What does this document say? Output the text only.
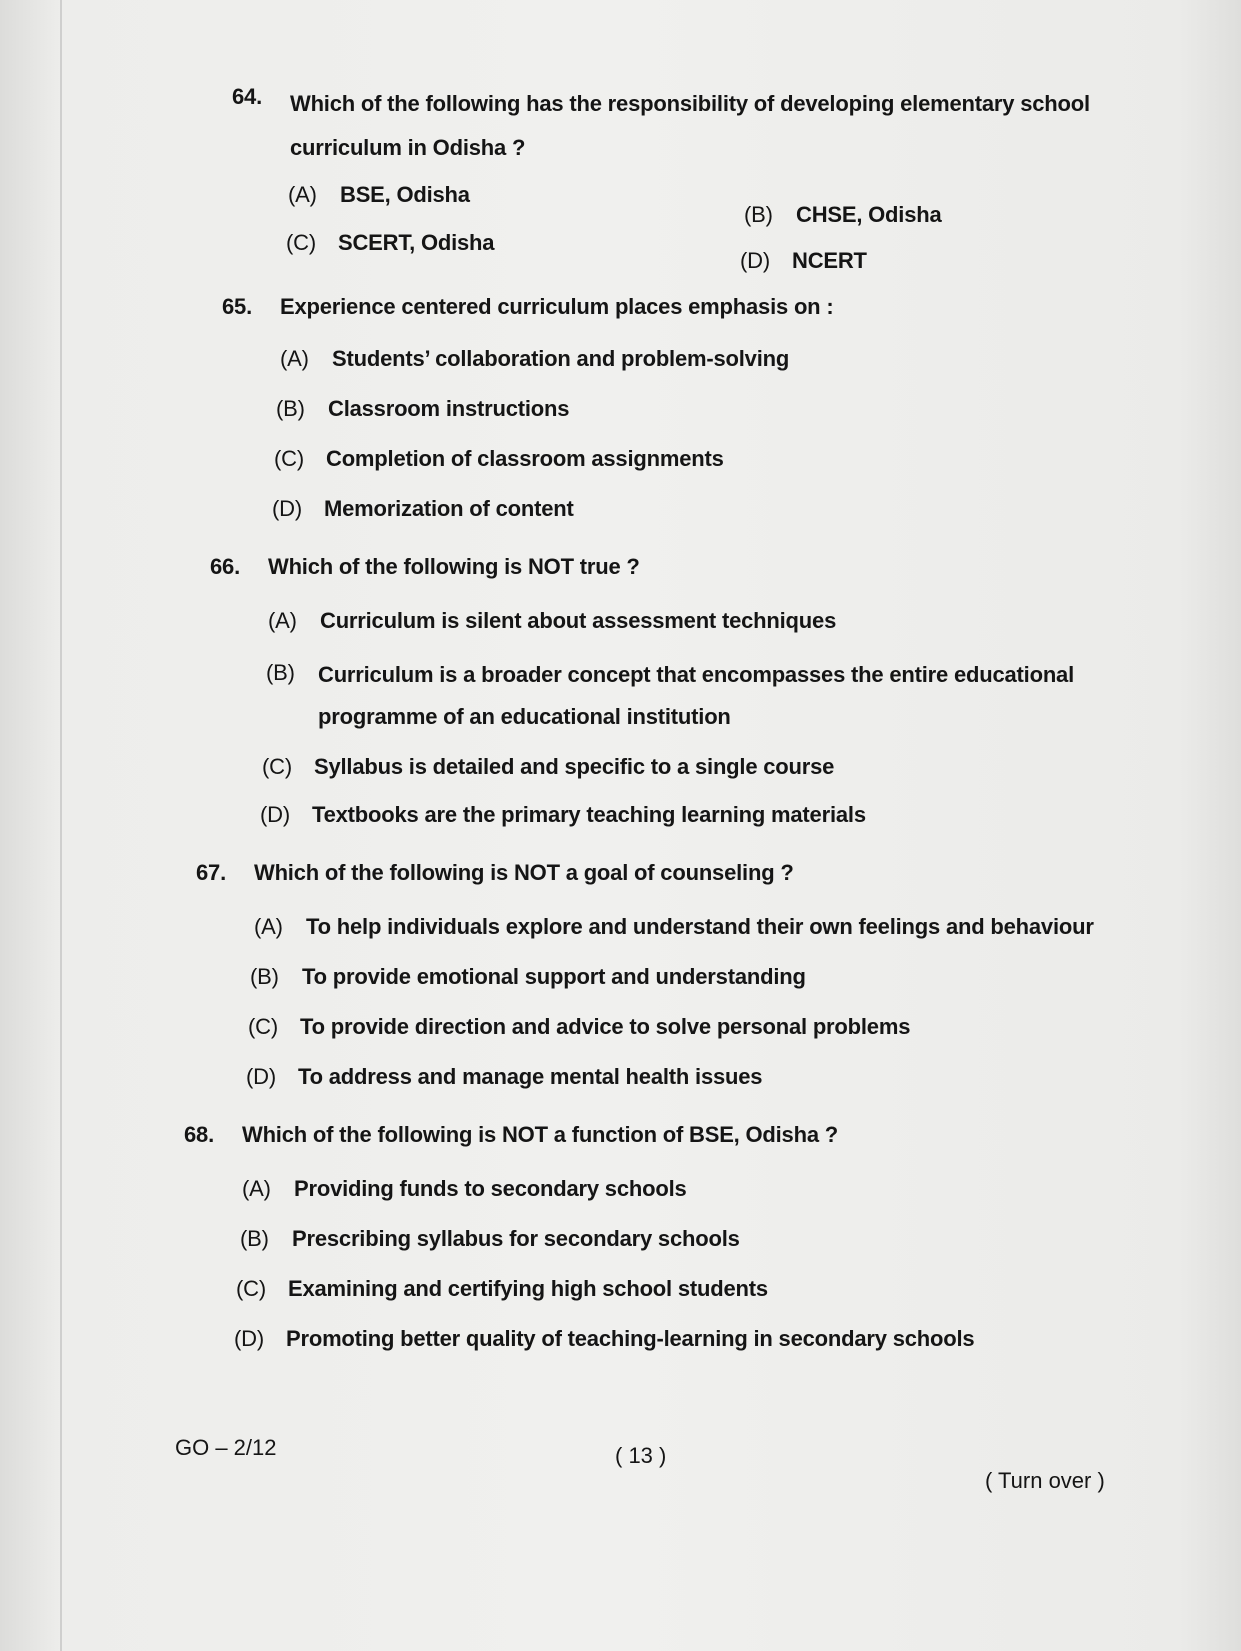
64. Which of the following has the responsibility of developing elementary school curriculum in Odisha ?
(A) BSE, Odisha
(B) CHSE, Odisha
(C) SCERT, Odisha
(D) NCERT
65. Experience centered curriculum places emphasis on :
(A) Students’ collaboration and problem-solving
(B) Classroom instructions
(C) Completion of classroom assignments
(D) Memorization of content
66. Which of the following is NOT true ?
(A) Curriculum is silent about assessment techniques
(B) Curriculum is a broader concept that encompasses the entire educational programme of an educational institution
(C) Syllabus is detailed and specific to a single course
(D) Textbooks are the primary teaching learning materials
67. Which of the following is NOT a goal of counseling ?
(A) To help individuals explore and understand their own feelings and behaviour
(B) To provide emotional support and understanding
(C) To provide direction and advice to solve personal problems
(D) To address and manage mental health issues
68. Which of the following is NOT a function of BSE, Odisha ?
(A) Providing funds to secondary schools
(B) Prescribing syllabus for secondary schools
(C) Examining and certifying high school students
(D) Promoting better quality of teaching-learning in secondary schools
GO – 2/12	( 13 )
( Turn over )
